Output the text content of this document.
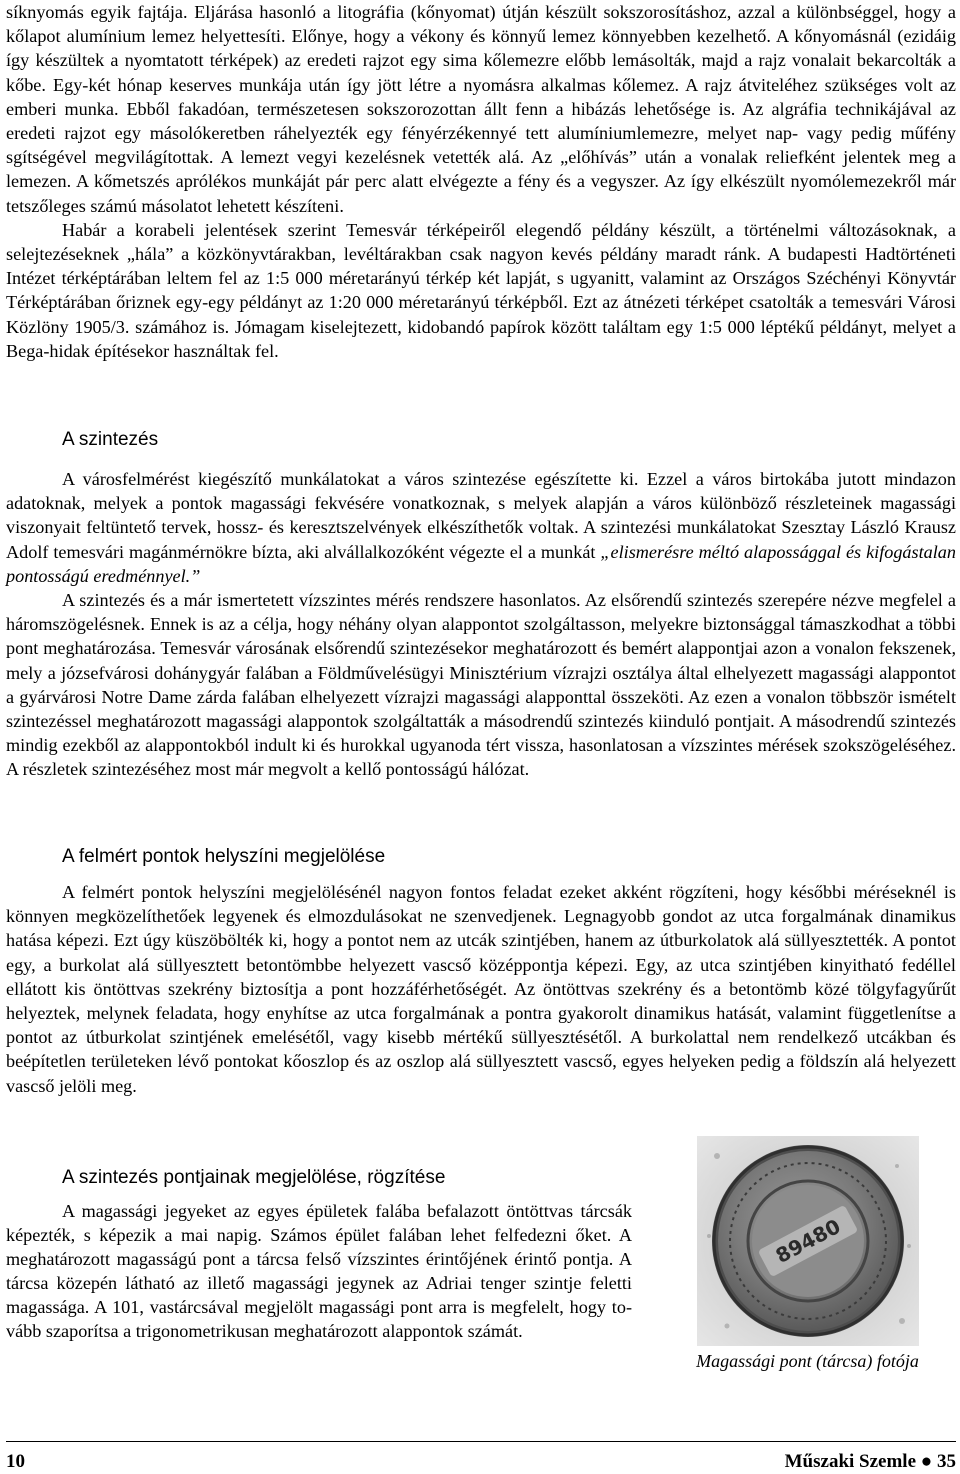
síknyomás egyik fajtája. Eljárása hasonló a litográfia (kőnyomat) útján készült sokszorosításhoz, azzal a különbséggel, hogy a kőlapot alumínium lemez helyettesíti. Előnye, hogy a vékony és könnyű lemez könnyebben kezelhető. A kőnyomásnál (ezidáig így készültek a nyomtatott térképek) az eredeti rajzot egy sima kőlemezre előbb lemásolták, majd a rajz vonalait bekarcolták a kőbe. Egy-két hónap keserves munkája után így jött létre a nyomásra alkalmas kőlemez. A rajz átviteléhez szükséges volt az emberi munka. Ebből fakadóan, természetesen sokszorozottan állt fenn a hibázás lehetősége is. Az algráfia technikájával az eredeti rajzot egy másolókeretben ráhelyezték egy fényérzékennyé tett alumíniumlemezre, melyet nap- vagy pedig műfény sgítségével megvilágítottak. A lemezt vegyi kezelésnek vetették alá. Az „előhívás” után a vonalak reliefként jelentek meg a lemezen. A kőmetszés aprólékos munkáját pár perc alatt elvégezte a fény és a vegyszer. Az így elkészült nyomólemezekről már tetszőleges számú másolatot lehetett készíteni.

Habár a korabeli jelentések szerint Temesvár térképeiről elegendő példány készült, a történelmi változásoknak, a selejtezéseknek „hála” a közkönyvtárakban, levéltárakban csak nagyon kevés példány maradt ránk. A budapesti Hadtörténeti Intézet térképtárában leltem fel az 1:5 000 méretarányú térkép két lapját, s ugyanitt, valamint az Országos Széchényi Könyvtár Térképtárában őriznek egy-egy példányt az 1:20 000 méretarányú térképből. Ezt az átnézeti térképet csatolták a temesvári Városi Közlöny 1905/3. számához is. Jómagam kiselejtezett, kidobandó papírok között találtam egy 1:5 000 léptékű példányt, melyet a Bega-hidak építésekor használtak fel.

A szintezés

A városfelmérést kiegészítő munkálatokat a város szintezése egészítette ki. Ezzel a város birtokába jutott mindazon adatoknak, melyek a pontok magassági fekvésére vonatkoznak, s melyek alapján a város különböző részleteinek magassági viszonyait feltüntető tervek, hossz- és keresztszelvények elkészíthetők voltak. A szintezési munkálatokat Szesztay László Krausz Adolf temesvári magánmérnökre bízta, aki alvállalkozóként végezte el a munkát „elismerésre méltó alapossággal és kifogástalan pontosságú eredménnyel.”

A szintezés és a már ismertetett vízszintes mérés rendszere hasonlatos. Az elsőrendű szintezés szerepére nézve megfelel a háromszögelésnek. Ennek is az a célja, hogy néhány olyan alappontot szolgáltasson, melyekre biztonsággal támaszkodhat a többi pont meghatározása. Temesvár városának elsőrendű szintezésekor meghatározott és bemért alappontjai azon a vonalon fekszenek, mely a józsefvárosi dohánygyár falában a Földművelésügyi Minisztérium vízrajzi osztálya által elhelyezett magassági alappontot a gyárvárosi Notre Dame zárda falában elhelyezett vízrajzi magassági alapponttal összeköti. Az ezen a vonalon többször ismételt szintezéssel meghatározott magassági alappontok szolgáltatták a másodrendű szintezés kiinduló pontjait. A másodrendű szintezés mindig ezekből az alappontokból indult ki és hurokkal ugyanoda tért vissza, hasonlatosan a vízszintes mérések szokszögeléséhez. A részletek szintezéséhez most már megvolt a kellő pontosságú hálózat.

A felmért pontok helyszíni megjelölése

A felmért pontok helyszíni megjelölésénél nagyon fontos feladat ezeket akként rögzíteni, hogy későbbi méréseknél is könnyen megközelíthetőek legyenek és elmozdulásokat ne szenvedjenek. Legnagyobb gondot az utca forgalmának dinamikus hatása képezi. Ezt úgy küszöbölték ki, hogy a pontot nem az utcák szintjében, hanem az útburkolatok alá süllyesztették. A pontot egy, a burkolat alá süllyesztett betontömbbe helyezett vascső középpontja képezi. Egy, az utca szintjében kinyitható fedéllel ellátott kis öntöttvas szekrény biztosítja a pont hozzáférhetőségét. Az öntöttvas szekrény és a betontömb közé tölgyfagyűrűt helyeztek, melynek feladata, hogy enyhítse az utca forgalmának a pontra gyakorolt dinamikus hatását, valamint függetlenítse a pontot az útburkolat szintjének emelésétől, vagy kisebb mértékű süllyesztésétől. A burkolattal nem rendelkező utcákban és beépítetlen területeken lévő pontokat kőoszlop és az oszlop alá süllyesztett vascső, egyes helyeken pedig a földszín alá helyezett vascső jelöli meg.

A szintezés pontjainak megjelölése, rögzítése

A magassági jegyeket az egyes épületek falába befalazott öntöttvas tárcsák képezték, s képezik a mai napig. Számos épület falában lehet felfedezni őket. A meghatározott magasságú pont a tárcsa felső vízszintes érintőjének érintő pontja. A tárcsa közepén látható az illető magassági jegynek az Adriai tenger szintje feletti magassága. A 101, vastárcsával megjelölt magassági pont arra is megfelelt, hogy tovább szaporítsa a trigonometrikusan meghatározott alappontok számát.

89480
Magassági pont (tárcsa) fotója
10	Műszaki Szemle ● 35
